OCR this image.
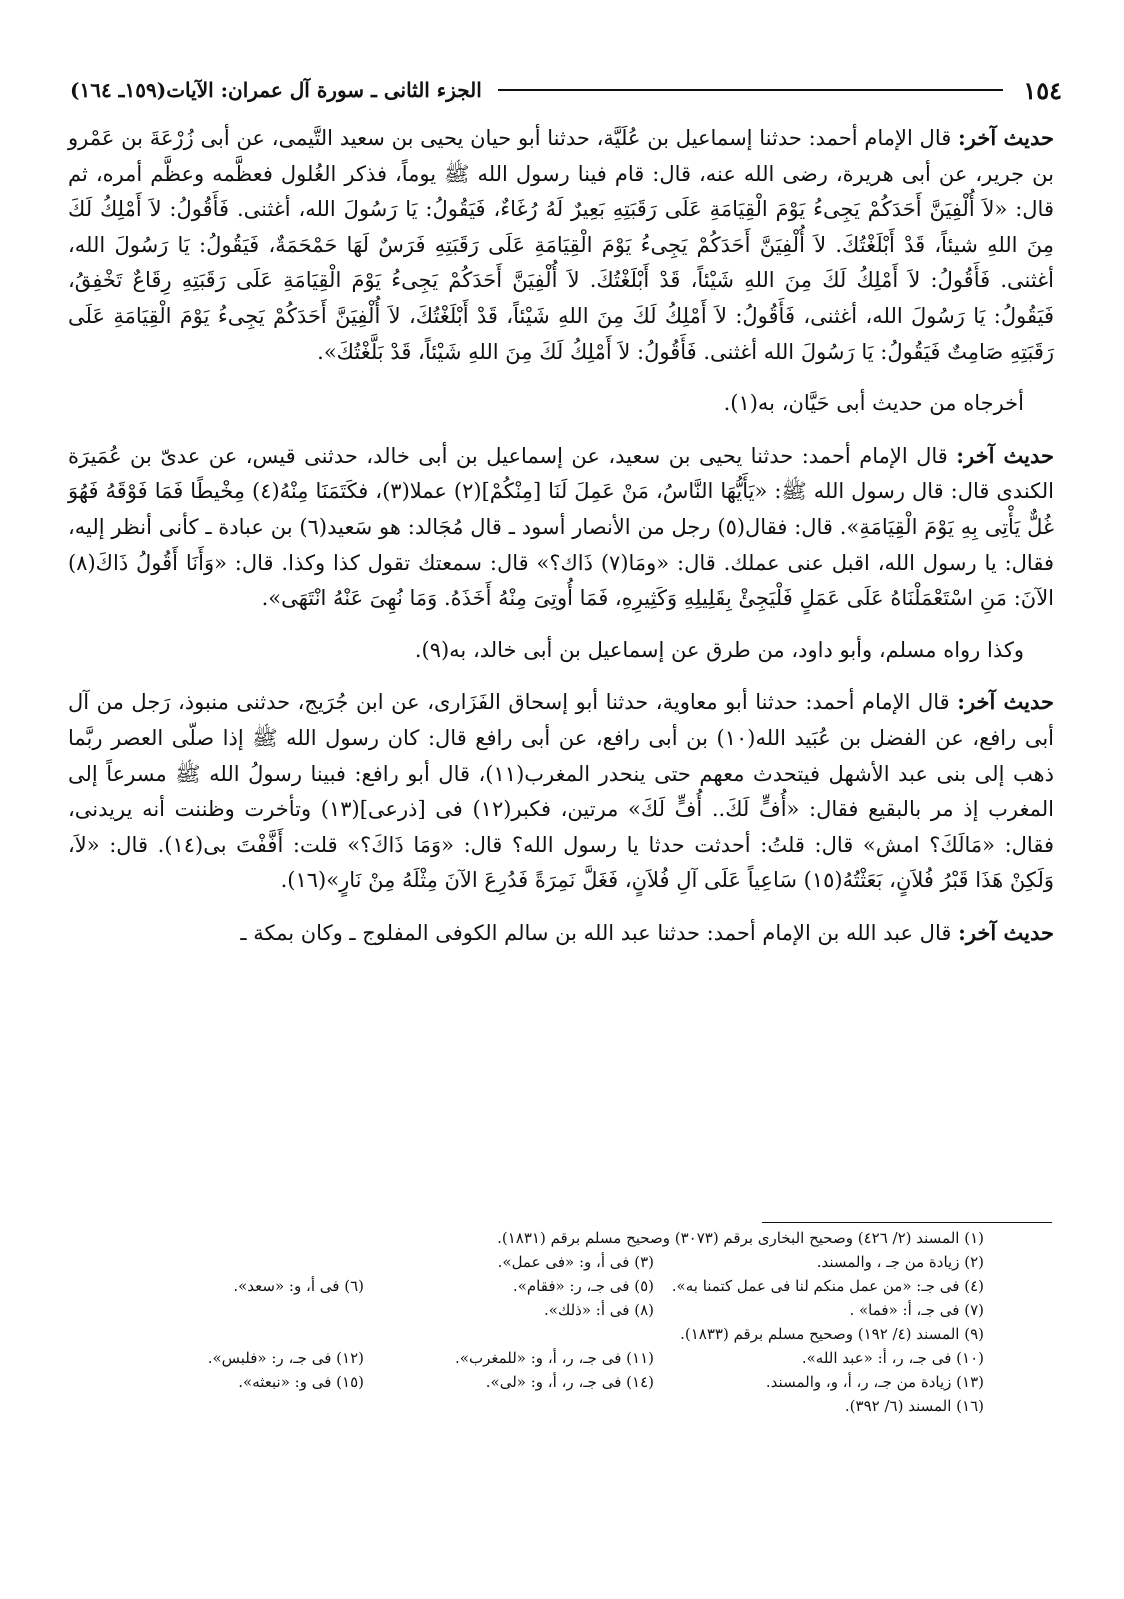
١٥٤
الجزء الثانى ـ سورة آل عمران: الآيات(١٥٩ـ ١٦٤)

حديث آخر: قال الإمام أحمد: حدثنا إسماعيل بن عُلَيَّة، حدثنا أبو حيان يحيى بن سعيد التَّيمى، عن أبى زُرْعَةَ بن عَمْرو بن جرير، عن أبى هريرة، رضى الله عنه، قال: قام فينا رسول الله ﷺ يوماً، فذكر الغُلول فعظَّمه وعظَّم أمره، ثم قال: «لاَ أُلْفِيَنَّ أَحَدَكُمْ يَجِىءُ يَوْمَ الْقِيَامَةِ عَلَى رَقَبَتِهِ بَعِيرٌ لَهُ رُغَاءٌ، فَيَقُولُ: يَا رَسُولَ الله، أغثنى. فَأَقُولُ: لاَ أَمْلِكُ لَكَ مِنَ اللهِ شيئاً، قَدْ أَبْلَغْتُكَ. لاَ أُلْفِيَنَّ أَحَدَكُمْ يَجِىءُ يَوْمَ الْقِيَامَةِ عَلَى رَقَبَتِهِ فَرَسٌ لَهَا حَمْحَمَةٌ، فَيَقُولُ: يَا رَسُولَ الله، أغثنى. فَأَقُولُ: لاَ أَمْلِكُ لَكَ مِنَ اللهِ شَيْئاً، قَدْ أَبْلَغْتُكَ. لاَ أُلْفِيَنَّ أَحَدَكُمْ يَجِىءُ يَوْمَ الْقِيَامَةِ عَلَى رَقَبَتِهِ رِقَاعٌ تَخْفِقُ، فَيَقُولُ: يَا رَسُولَ الله، أغثنى، فَأَقُولُ: لاَ أَمْلِكُ لَكَ مِنَ اللهِ شَيْئاً، قَدْ أَبْلَغْتُكَ، لاَ أُلْفِيَنَّ أَحَدَكُمْ يَجِىءُ يَوْمَ الْقِيَامَةِ عَلَى رَقَبَتِهِ صَامِتٌ فَيَقُولُ: يَا رَسُولَ الله أغثنى. فَأَقُولُ: لاَ أَمْلِكُ لَكَ مِنَ اللهِ شَيْئاً، قَدْ بَلَّغْتُكَ».

أخرجاه من حديث أبى حَيَّان، به(١).

حديث آخر: قال الإمام أحمد: حدثنا يحيى بن سعيد، عن إسماعيل بن أبى خالد، حدثنى قيس، عن عدىّ بن عُمَيرَة الكندى قال: قال رسول الله ﷺ: «يَأَيُّهَا النَّاسُ، مَنْ عَمِلَ لَنَا [مِنْكُمْ](٢) عملا(٣)، فكَتَمَنَا مِنْهُ(٤) مِخْيطًا فَمَا فَوْقَهُ فَهُوَ غُلٌّ يَأْتِى بِهِ يَوْمَ الْقِيَامَةِ». قال: فقال(٥) رجل من الأنصار أسود ـ قال مُجَالد: هو سَعيد(٦) بن عبادة ـ كأنى أنظر إليه، فقال: يا رسول الله، اقبل عنى عملك. قال: «ومَا(٧) ذَاك؟» قال: سمعتك تقول كذا وكذا. قال: «وَأَنَا أَقُولُ ذَاكَ(٨) الآنَ: مَنِ اسْتَعْمَلْنَاهُ عَلَى عَمَلٍ فَلْيَجِئْ بِقَلِيلِهِ وَكَثِيرِهِ، فَمَا أُوتِىَ مِنْهُ أَخَذَهُ. وَمَا نُهِىَ عَنْهُ انْتَهَى».

وكذا رواه مسلم، وأبو داود، من طرق عن إسماعيل بن أبى خالد، به(٩).

حديث آخر: قال الإمام أحمد: حدثنا أبو معاوية، حدثنا أبو إسحاق الفَزَارى، عن ابن جُرَيج، حدثنى منبوذ، رَجل من آل أبى رافع، عن الفضل بن عُبَيد الله(١٠) بن أبى رافع، عن أبى رافع قال: كان رسول الله ﷺ إذا صلّى العصر ربَّما ذهب إلى بنى عبد الأشهل فيتحدث معهم حتى ينحدر المغرب(١١)، قال أبو رافع: فبينا رسولُ الله ﷺ مسرعاً إلى المغرب إذ مر بالبقيع فقال: «أُفٍّ لَكَ.. أُفٍّ لَكَ» مرتين، فكبر(١٢) فى [ذرعى](١٣) وتأخرت وظننت أنه يريدنى، فقال: «مَالَكَ؟ امش» قال: قلتُ: أحدثت حدثا يا رسول الله؟ قال: «وَمَا ذَاكَ؟» قلت: أَفَّفْتَ بى(١٤). قال: «لاَ، وَلَكِنْ هَذَا قَبْرُ فُلاَنٍ، بَعَثْتُهُ(١٥) سَاعِياً عَلَى آلِ فُلاَنٍ، فَغَلَّ نَمِرَةً فَدُرِعَ الآنَ مِثْلَهُ مِنْ نَارٍ»(١٦).

حديث آخر: قال عبد الله بن الإمام أحمد: حدثنا عبد الله بن سالم الكوفى المفلوج ـ وكان بمكة ـ

(١) المسند (٢/ ٤٢٦) وصحيح البخارى برقم (٣٠٧٣) وصحيح مسلم برقم (١٨٣١).
(٢) زيادة من جـ ، والمسند.
(٣) فى أ، و: «فى عمل».
(٤) فى جـ: «من عمل منكم لنا فى عمل كتمنا به».
(٥) فى جـ، ر: «فقام».
(٦) فى أ، و: «سعد».
(٧) فى جـ، أ: «فما» .
(٨) فى أ: «ذلك».
(٩) المسند (٤/ ١٩٢) وصحيح مسلم برقم (١٨٣٣).
(١٠) فى جـ، ر، أ: «عبد الله».
(١١) فى جـ، ر، أ، و: «للمغرب».
(١٢) فى جـ، ر: «فلبس».
(١٣) زيادة من جـ، ر، أ، و، والمسند.
(١٤) فى جـ، ر، أ، و: «لى».
(١٥) فى و: «نبعثه».
(١٦) المسند (٦/ ٣٩٢).
